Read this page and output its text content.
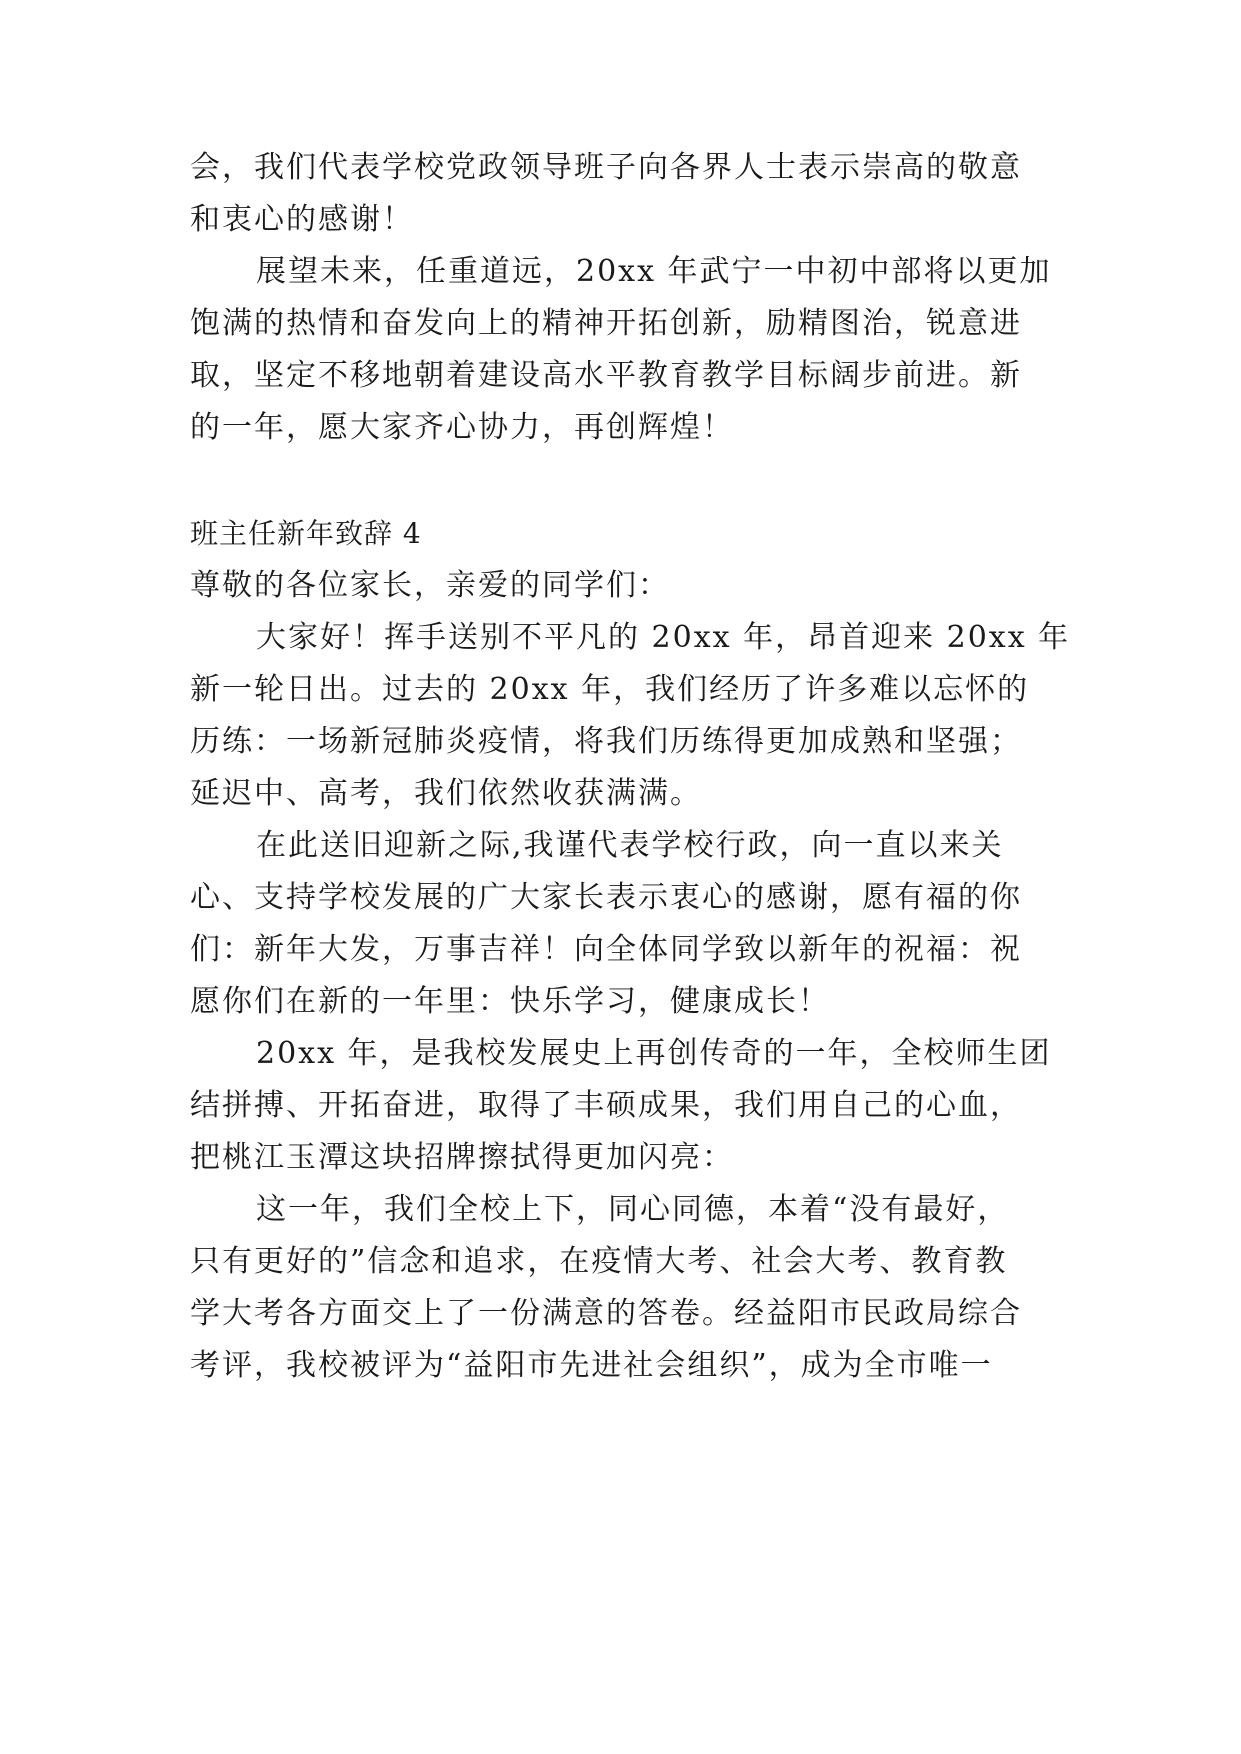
会，我们代表学校党政领导班子向各界人士表示崇高的敬意

和衷心的感谢！

展望未来，任重道远，20xx 年武宁一中初中部将以更加

饱满的热情和奋发向上的精神开拓创新，励精图治，锐意进

取，坚定不移地朝着建设高水平教育教学目标阔步前进。新

的一年，愿大家齐心协力，再创辉煌！

班主任新年致辞 4

尊敬的各位家长，亲爱的同学们：

大家好！挥手送别不平凡的 20xx 年，昂首迎来 20xx 年

新一轮日出。过去的 20xx 年，我们经历了许多难以忘怀的

历练：一场新冠肺炎疫情，将我们历练得更加成熟和坚强；

延迟中、高考，我们依然收获满满。

在此送旧迎新之际,我谨代表学校行政，向一直以来关

心、支持学校发展的广大家长表示衷心的感谢，愿有福的你

们：新年大发，万事吉祥！向全体同学致以新年的祝福：祝

愿你们在新的一年里：快乐学习，健康成长！

20xx 年，是我校发展史上再创传奇的一年，全校师生团

结拼搏、开拓奋进，取得了丰硕成果，我们用自己的心血，

把桃江玉潭这块招牌擦拭得更加闪亮：

这一年，我们全校上下，同心同德，本着“没有最好，

只有更好的”信念和追求，在疫情大考、社会大考、教育教

学大考各方面交上了一份满意的答卷。经益阳市民政局综合

考评，我校被评为“益阳市先进社会组织”，成为全市唯一
